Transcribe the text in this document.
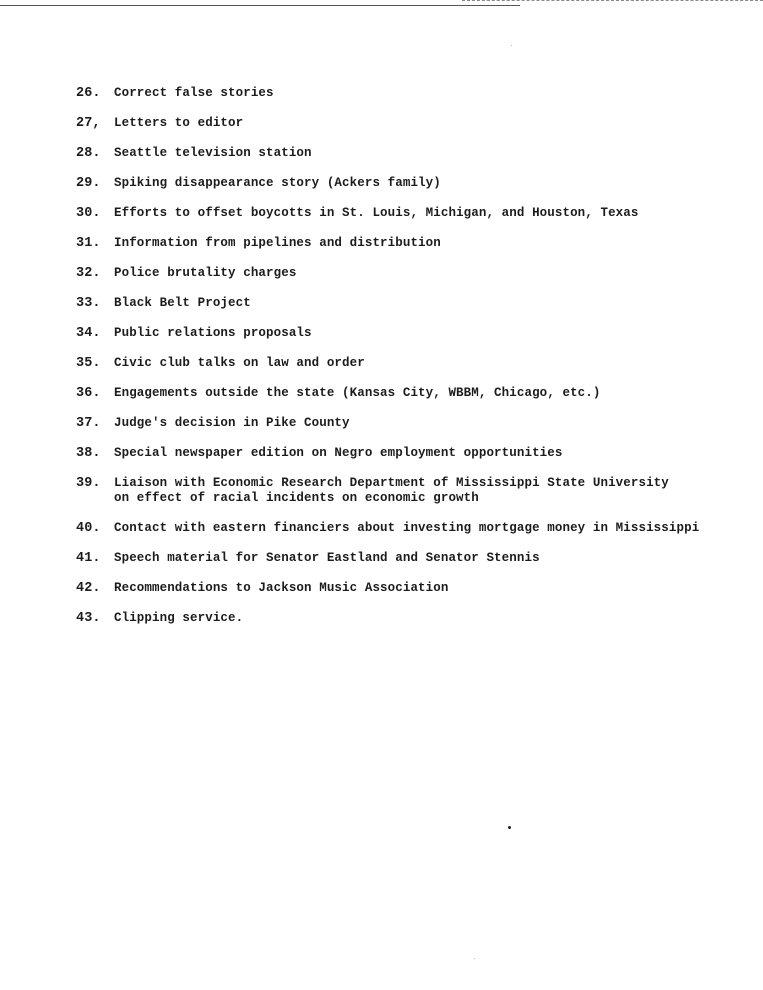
26.	Correct false stories
27,	Letters to editor
28.	Seattle television station
29.	Spiking disappearance story (Ackers family)
30.	Efforts to offset boycotts in St. Louis, Michigan, and Houston, Texas
31.	Information from pipelines and distribution
32.	Police brutality charges
33.	Black Belt Project
34.	Public relations proposals
35.	Civic club talks on law and order
36.	Engagements outside the state (Kansas City, WBBM, Chicago, etc.)
37.	Judge's decision in Pike County
38.	Special newspaper edition on Negro employment opportunities
39.	Liaison with Economic Research Department of Mississippi State University
on effect of racial incidents on economic growth
40.	Contact with eastern financiers about investing mortgage money in Mississippi
41.	Speech material for Senator Eastland and Senator Stennis
42.	Recommendations to Jackson Music Association
43.	Clipping service.
